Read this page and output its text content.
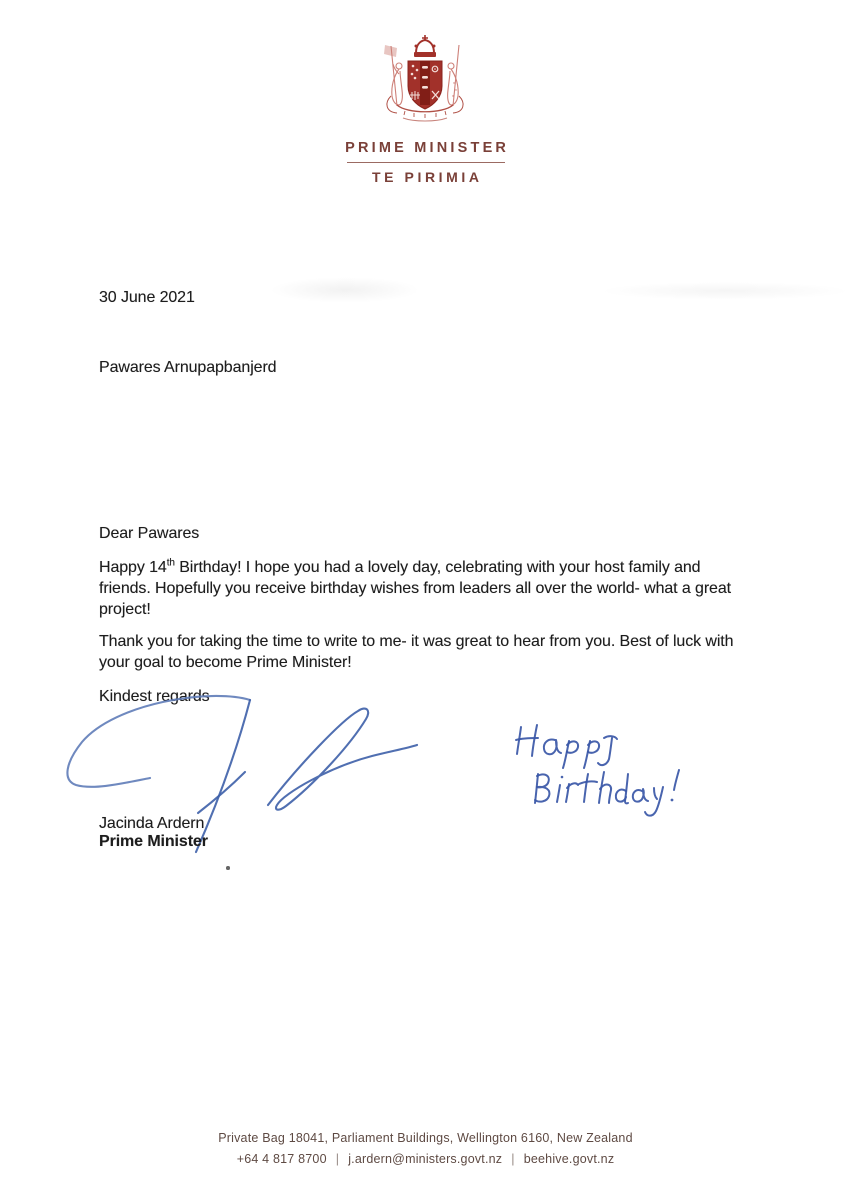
PRIME MINISTER
TE PIRIMIA
30 June 2021
Pawares Arnupapbanjerd
Dear Pawares
Happy 14th Birthday! I hope you had a lovely day, celebrating with your host family and
friends. Hopefully you receive birthday wishes from leaders all over the world- what a great
project!
Thank you for taking the time to write to me- it was great to hear from you. Best of luck with
your goal to become Prime Minister!
Kindest regards
Jacinda Ardern
Prime Minister
Private Bag 18041, Parliament Buildings, Wellington 6160, New Zealand
+64 4 817 8700 | j.ardern@ministers.govt.nz | beehive.govt.nz
